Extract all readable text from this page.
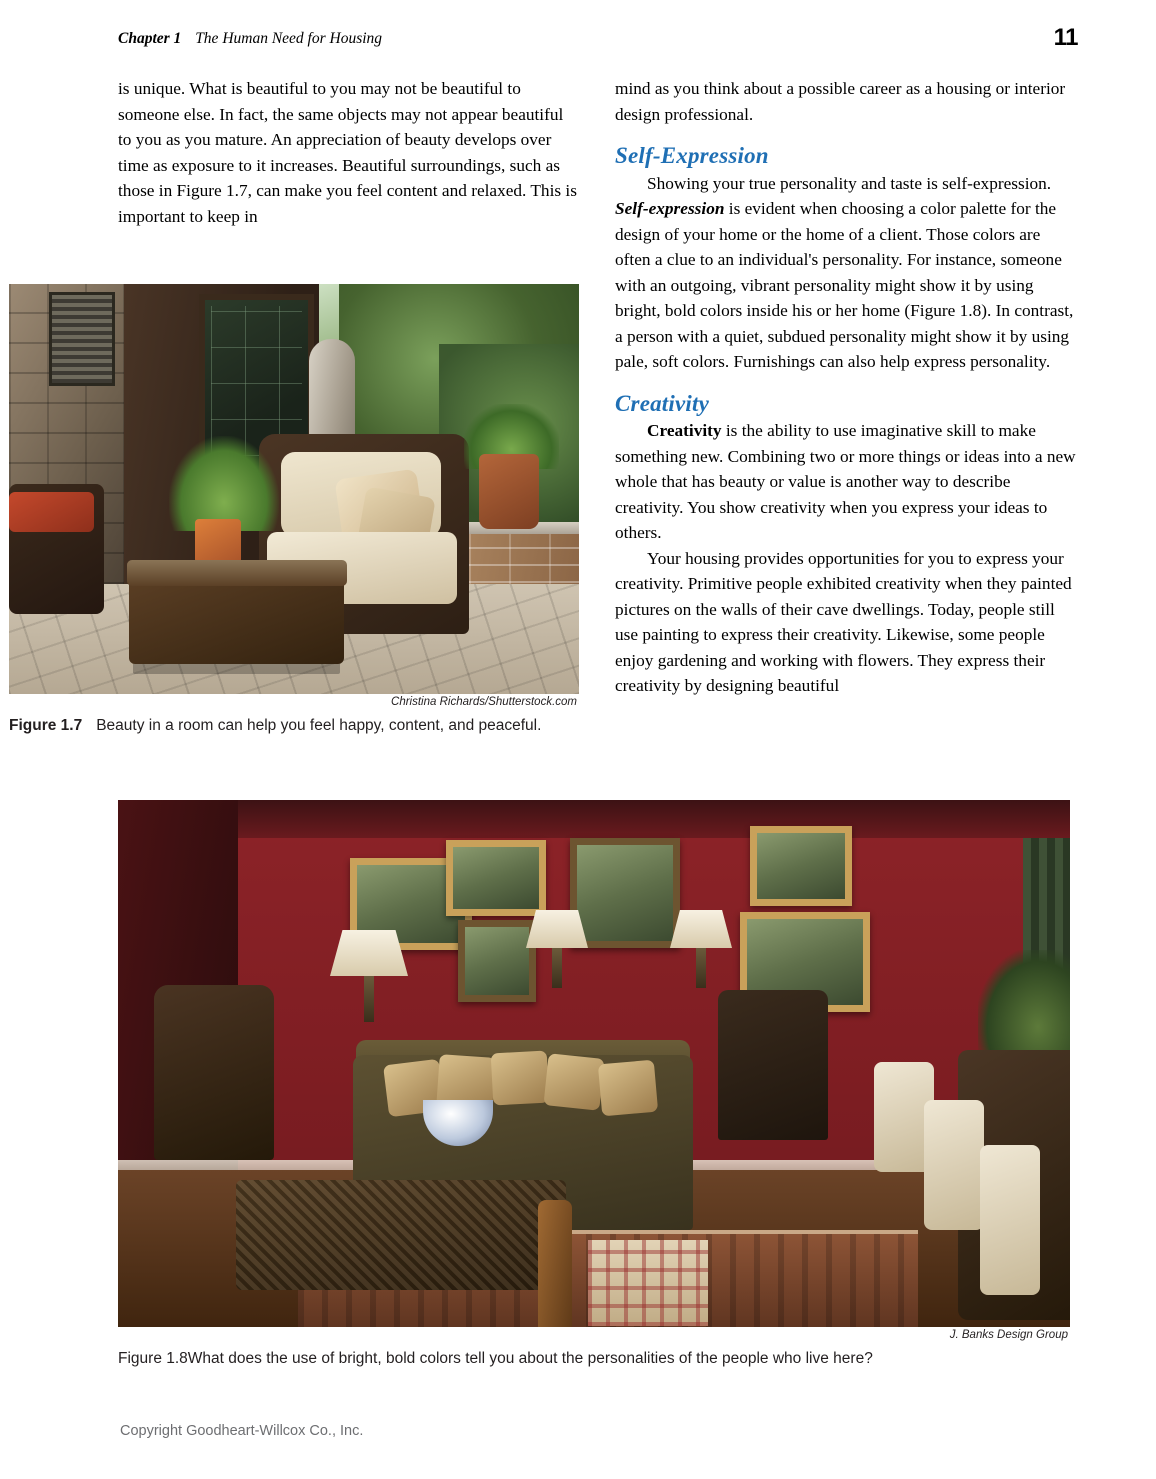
Chapter 1 The Human Need for Housing	11

is unique. What is beautiful to you may not be beautiful to someone else. In fact, the same objects may not appear beautiful to you as you mature. An appreciation of beauty develops over time as exposure to it increases. Beautiful surroundings, such as those in Figure 1.7, can make you feel content and relaxed. This is important to keep in

mind as you think about a possible career as a housing or interior design professional.

Self-Expression

Showing your true personality and taste is self-expression. Self-expression is evident when choosing a color palette for the design of your home or the home of a client. Those colors are often a clue to an individual's personality. For instance, someone with an outgoing, vibrant personality might show it by using bright, bold colors inside his or her home (Figure 1.8). In contrast, a person with a quiet, subdued personality might show it by using pale, soft colors. Furnishings can also help express personality.

Creativity

Creativity is the ability to use imaginative skill to make something new. Combining two or more things or ideas into a new whole that has beauty or value is another way to describe creativity. You show creativity when you express your ideas to others.

Your housing provides opportunities for you to express your creativity. Primitive people exhibited creativity when they painted pictures on the walls of their cave dwellings. Today, people still use painting to express their creativity. Likewise, some people enjoy gardening and working with flowers. They express their creativity by designing beautiful

Christina Richards/Shutterstock.com
Figure 1.7 Beauty in a room can help you feel happy, content, and peaceful.
J. Banks Design Group
Figure 1.8What does the use of bright, bold colors tell you about the personalities of the people who live here?
Copyright Goodheart-Willcox Co., Inc.
